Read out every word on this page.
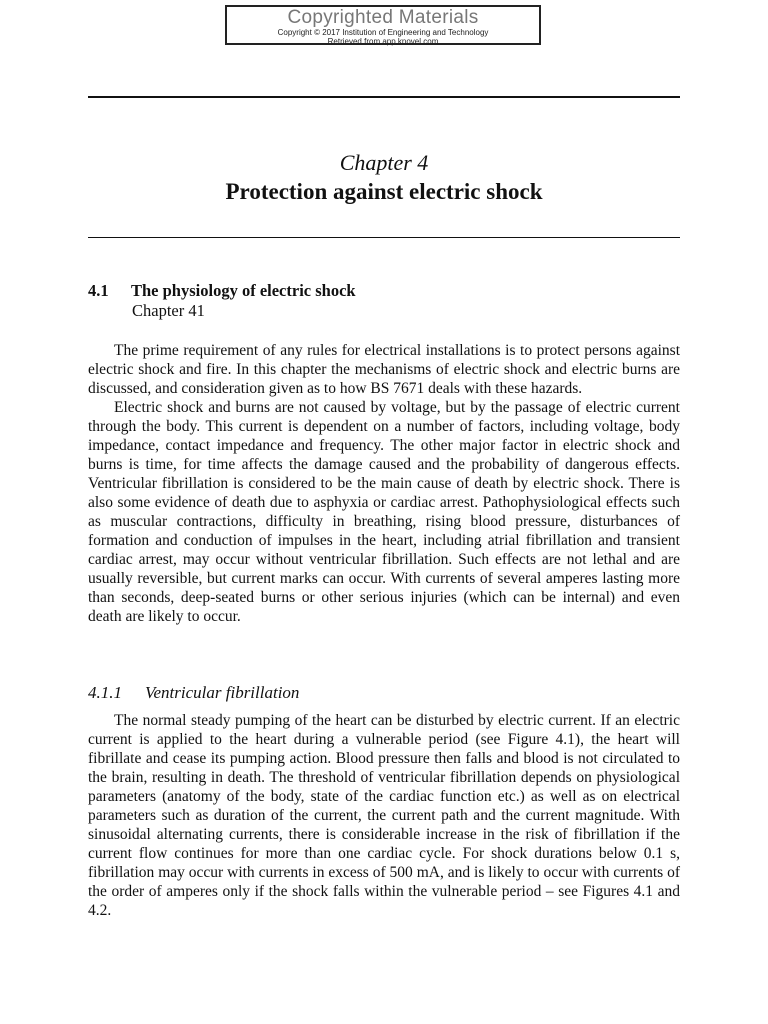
Copyrighted Materials
Copyright © 2017 Institution of Engineering and Technology
Retrieved from app.knovel.com
Chapter 4
Protection against electric shock
4.1 The physiology of electric shock
Chapter 41

The prime requirement of any rules for electrical installations is to protect persons against electric shock and fire. In this chapter the mechanisms of electric shock and electric burns are discussed, and consideration given as to how BS 7671 deals with these hazards.

Electric shock and burns are not caused by voltage, but by the passage of electric current through the body. This current is dependent on a number of factors, including voltage, body impedance, contact impedance and frequency. The other major factor in electric shock and burns is time, for time affects the damage caused and the probability of dangerous effects. Ventricular fibrillation is considered to be the main cause of death by electric shock. There is also some evidence of death due to asphyxia or cardiac arrest. Pathophysiological effects such as muscular contractions, difficulty in breathing, rising blood pressure, disturbances of formation and conduction of impulses in the heart, including atrial fibrillation and transient cardiac arrest, may occur without ventricular fibrillation. Such effects are not lethal and are usually reversible, but current marks can occur. With currents of several amperes lasting more than seconds, deep-seated burns or other serious injuries (which can be internal) and even death are likely to occur.

4.1.1 Ventricular fibrillation

The normal steady pumping of the heart can be disturbed by electric current. If an electric current is applied to the heart during a vulnerable period (see Figure 4.1), the heart will fibrillate and cease its pumping action. Blood pressure then falls and blood is not circulated to the brain, resulting in death. The threshold of ventricular fibrillation depends on physiological parameters (anatomy of the body, state of the cardiac function etc.) as well as on electrical parameters such as duration of the current, the current path and the current magnitude. With sinusoidal alternating currents, there is considerable increase in the risk of fibrillation if the current flow continues for more than one cardiac cycle. For shock durations below 0.1 s, fibrillation may occur with currents in excess of 500 mA, and is likely to occur with currents of the order of amperes only if the shock falls within the vulnerable period – see Figures 4.1 and 4.2.
